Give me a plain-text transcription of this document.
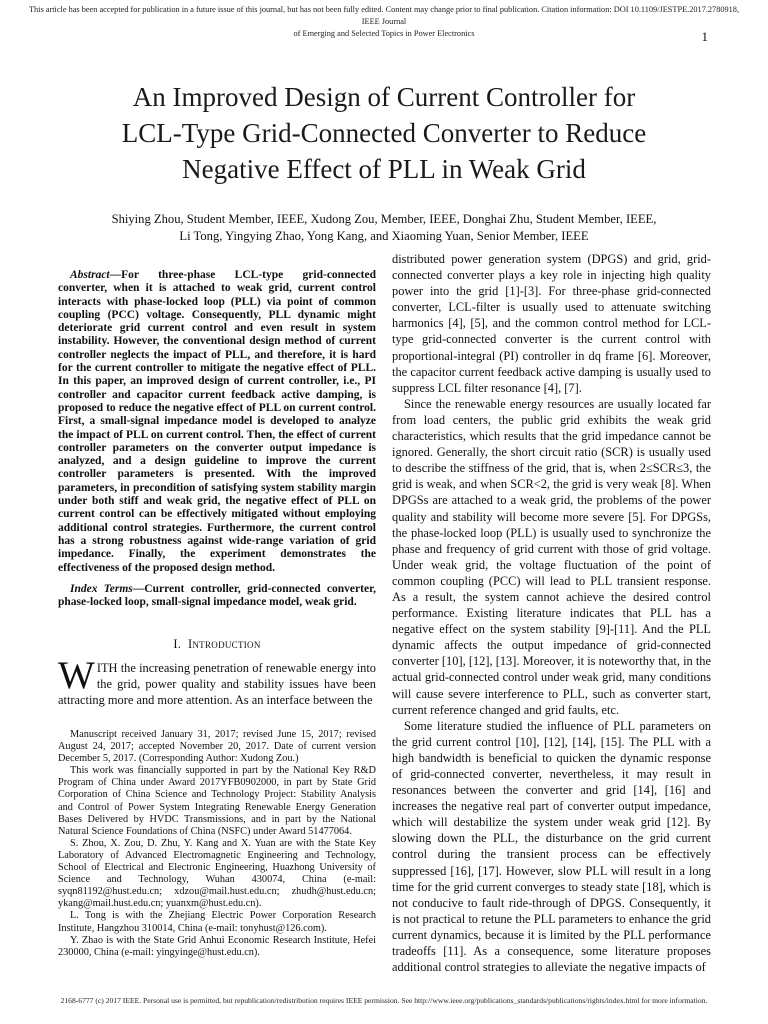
This article has been accepted for publication in a future issue of this journal, but has not been fully edited. Content may change prior to final publication. Citation information: DOI 10.1109/JESTPE.2017.2780918, IEEE Journal
of Emerging and Selected Topics in Power Electronics	1
An Improved Design of Current Controller for
LCL-Type Grid-Connected Converter to Reduce
Negative Effect of PLL in Weak Grid
Shiying Zhou, Student Member, IEEE, Xudong Zou, Member, IEEE, Donghai Zhu, Student Member, IEEE,
Li Tong, Yingying Zhao, Yong Kang, and Xiaoming Yuan, Senior Member, IEEE
Abstract—For three-phase LCL-type grid-connected converter, when it is attached to weak grid, current control interacts with phase-locked loop (PLL) via point of common coupling (PCC) voltage. Consequently, PLL dynamic might deteriorate grid current control and even result in system instability. However, the conventional design method of current controller neglects the impact of PLL, and therefore, it is hard for the current controller to mitigate the negative effect of PLL. In this paper, an improved design of current controller, i.e., PI controller and capacitor current feedback active damping, is proposed to reduce the negative effect of PLL on current control. First, a small-signal impedance model is developed to analyze the impact of PLL on current control. Then, the effect of current controller parameters on the converter output impedance is analyzed, and a design guideline to improve the current controller parameters is presented. With the improved parameters, in precondition of satisfying system stability margin under both stiff and weak grid, the negative effect of PLL on current control can be effectively mitigated without employing additional control strategies. Furthermore, the current control has a strong robustness against wide-range variation of grid impedance. Finally, the experiment demonstrates the effectiveness of the proposed design method.
Index Terms—Current controller, grid-connected converter, phase-locked loop, small-signal impedance model, weak grid.
I. Introduction
WITH the increasing penetration of renewable energy into the grid, power quality and stability issues have been attracting more and more attention. As an interface between the

Manuscript received January 31, 2017; revised June 15, 2017; revised August 24, 2017; accepted November 20, 2017. Date of current version December 5, 2017. (Corresponding Author: Xudong Zou.)

This work was financially supported in part by the National Key R&D Program of China under Award 2017YFB0902000, in part by State Grid Corporation of China Science and Technology Project: Stability Analysis and Control of Power System Integrating Renewable Energy Generation Bases Delivered by HVDC Transmissions, and in part by the National Natural Science Foundations of China (NSFC) under Award 51477064.

S. Zhou, X. Zou, D. Zhu, Y. Kang and X. Yuan are with the State Key Laboratory of Advanced Electromagnetic Engineering and Technology, School of Electrical and Electronic Engineering, Huazhong University of Science and Technology, Wuhan 430074, China (e-mail: syqn81192@hust.edu.cn; xdzou@mail.hust.edu.cn; zhudh@hust.edu.cn; ykang@mail.hust.edu.cn; yuanxm@hust.edu.cn).

L. Tong is with the Zhejiang Electric Power Corporation Research Institute, Hangzhou 310014, China (e-mail: tonyhust@126.com).

Y. Zhao is with the State Grid Anhui Economic Research Institute, Hefei 230000, China (e-mail: yingyinge@hust.edu.cn).

distributed power generation system (DPGS) and grid, grid-connected converter plays a key role in injecting high quality power into the grid [1]-[3]. For three-phase grid-connected converter, LCL-filter is usually used to attenuate switching harmonics [4], [5], and the common control method for LCL-type grid-connected converter is the current control with proportional-integral (PI) controller in dq frame [6]. Moreover, the capacitor current feedback active damping is usually used to suppress LCL filter resonance [4], [7].

Since the renewable energy resources are usually located far from load centers, the public grid exhibits the weak grid characteristics, which results that the grid impedance cannot be ignored. Generally, the short circuit ratio (SCR) is usually used to describe the stiffness of the grid, that is, when 2≤SCR≤3, the grid is weak, and when SCR<2, the grid is very weak [8]. When DPGSs are attached to a weak grid, the problems of the power quality and stability will become more severe [5]. For DPGSs, the phase-locked loop (PLL) is usually used to synchronize the phase and frequency of grid current with those of grid voltage. Under weak grid, the voltage fluctuation of the point of common coupling (PCC) will lead to PLL transient response. As a result, the system cannot achieve the desired control performance. Existing literature indicates that PLL has a negative effect on the system stability [9]-[11]. And the PLL dynamic affects the output impedance of grid-connected converter [10], [12], [13]. Moreover, it is noteworthy that, in the actual grid-connected control under weak grid, many conditions will cause severe interference to PLL, such as converter start, current reference changed and grid faults, etc.

Some literature studied the influence of PLL parameters on the grid current control [10], [12], [14], [15]. The PLL with a high bandwidth is beneficial to quicken the dynamic response of grid-connected converter, nevertheless, it may result in resonances between the converter and grid [14], [16] and increases the negative real part of converter output impedance, which will destabilize the system under weak grid [12]. By slowing down the PLL, the disturbance on the grid current control during the transient process can be effectively suppressed [16], [17]. However, slow PLL will result in a long time for the grid current converges to steady state [18], which is not conducive to fault ride-through of DPGS. Consequently, it is not practical to retune the PLL parameters to enhance the grid current dynamics, because it is limited by the PLL performance tradeoffs [11]. As a consequence, some literature proposes additional control strategies to alleviate the negative impacts of

2168-6777 (c) 2017 IEEE. Personal use is permitted, but republication/redistribution requires IEEE permission. See http://www.ieee.org/publications_standards/publications/rights/index.html for more information.
